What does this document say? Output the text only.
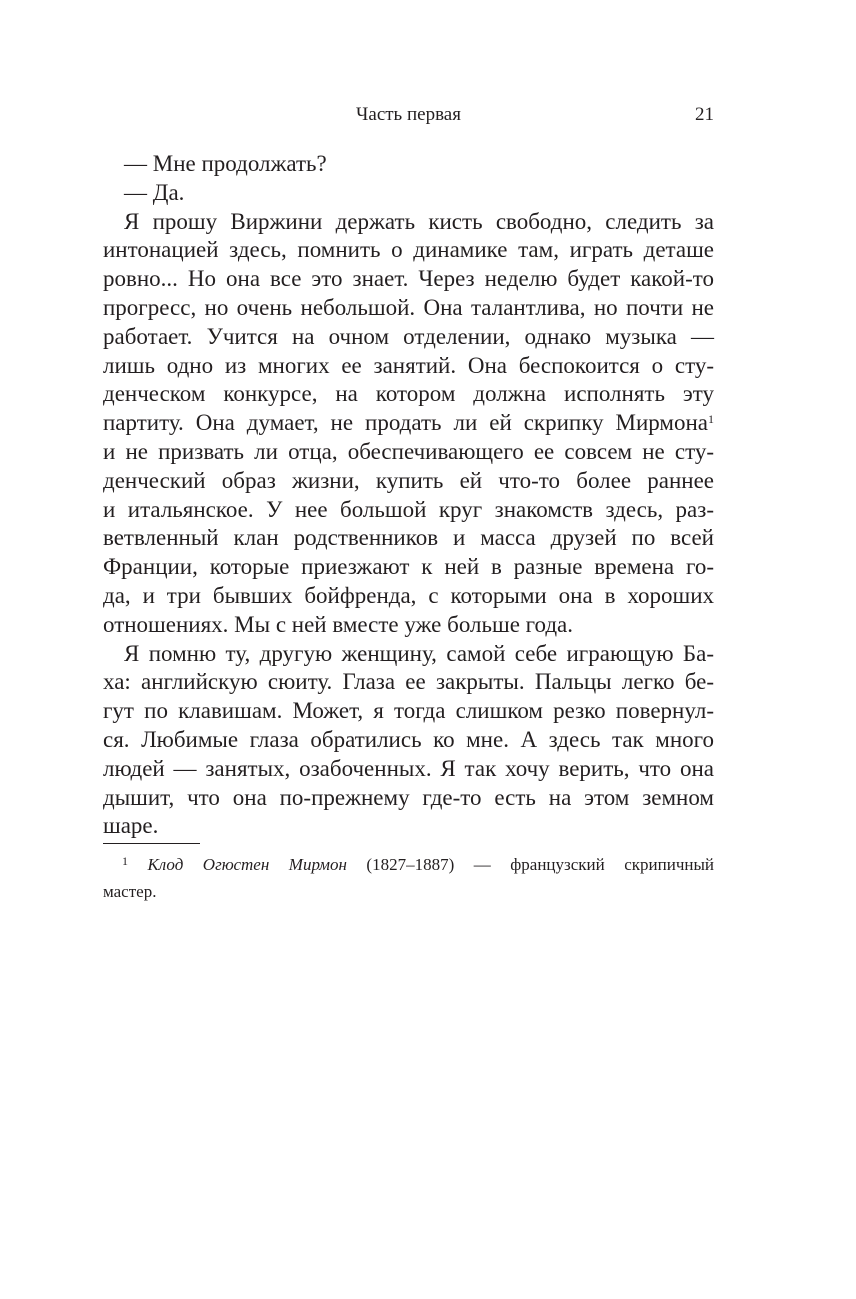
Часть первая	21
— Мне продолжать?
— Да.
Я прошу Виржини держать кисть свободно, следить за
интонацией здесь, помнить о динамике там, играть деташе
ровно... Но она все это знает. Через неделю будет какой-то
прогресс, но очень небольшой. Она талантлива, но почти не
работает. Учится на очном отделении, однако музыка —
лишь одно из многих ее занятий. Она беспокоится о сту-
денческом конкурсе, на котором должна исполнять эту
партиту. Она думает, не продать ли ей скрипку Мирмона$^1$
и не призвать ли отца, обеспечивающего ее совсем не сту-
денческий образ жизни, купить ей что-то более раннее
и итальянское. У нее большой круг знакомств здесь, раз-
ветвленный клан родственников и масса друзей по всей
Франции, которые приезжают к ней в разные времена го-
да, и три бывших бойфренда, с которыми она в хороших
отношениях. Мы с ней вместе уже больше года.
Я помню ту, другую женщину, самой себе играющую Ба-
ха: английскую сюиту. Глаза ее закрыты. Пальцы легко бе-
гут по клавишам. Может, я тогда слишком резко повернул-
ся. Любимые глаза обратились ко мне. А здесь так много
людей — занятых, озабоченных. Я так хочу верить, что она
дышит, что она по-прежнему где-то есть на этом земном
шаре.
$^1$ Клод Огюстен Мирмон (1827–1887) — французский скрипичный
мастер.
